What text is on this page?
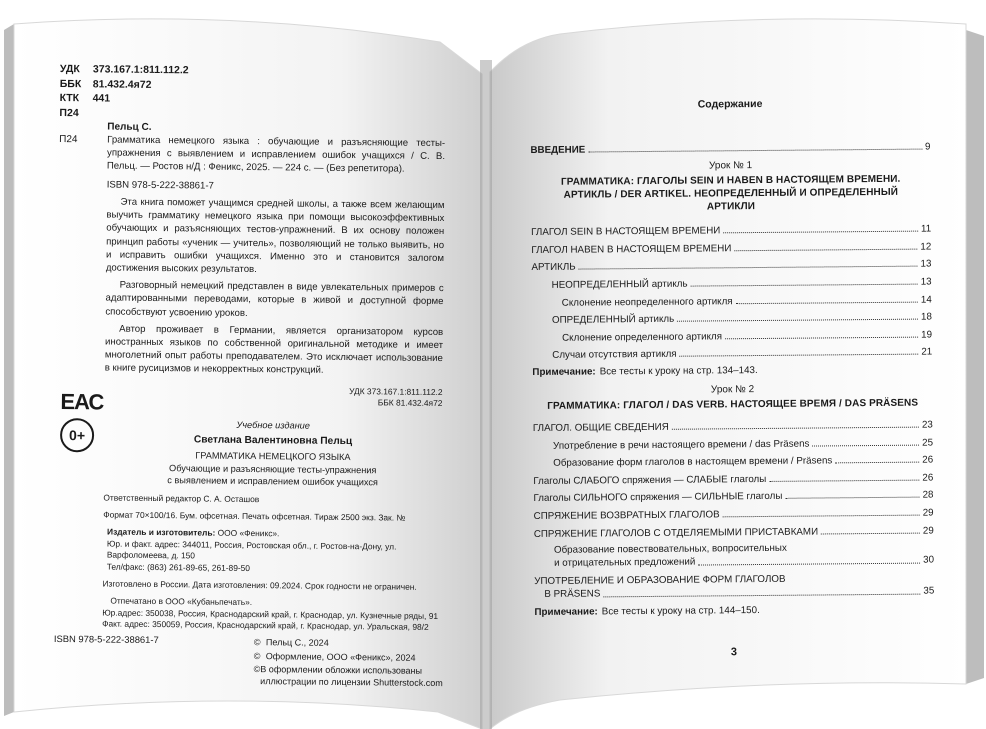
УДК	373.167.1:811.112.2
ББК	81.432.4я72
КТК	441
П24
Пельц С.
П24	Грамматика немецкого языка : обучающие и разъясняющие тесты-упражнения с выявлением и исправлением ошибок учащихся / С. В. Пельц. — Ростов н/Д : Феникс, 2025. — 224 с. — (Без репетитора).
ISBN 978-5-222-38861-7
Эта книга поможет учащимся средней школы, а также всем желающим выучить грамматику немецкого языка при помощи высокоэффективных обучающих и разъясняющих тестов-упражнений. В их основу положен принцип работы «ученик — учитель», позволяющий не только выявить, но и исправить ошибки учащихся. Именно это и становится залогом достижения высоких результатов.
Разговорный немецкий представлен в виде увлекательных примеров с адаптированными переводами, которые в живой и доступной форме способствуют усвоению уроков.
Автор проживает в Германии, является организатором курсов иностранных языков по собственной оригинальной методике и имеет многолетний опыт работы преподавателем. Это исключает использование в книге русицизмов и некорректных конструкций.
УДК 373.167.1:811.112.2
ББК 81.432.4я72
ЕАС
0+
Учебное издание
Светлана Валентиновна Пельц
ГРАММАТИКА НЕМЕЦКОГО ЯЗЫКА
Обучающие и разъясняющие тесты-упражнения
с выявлением и исправлением ошибок учащихся
Ответственный редактор С. А. Осташов
Формат 70×100/16. Бум. офсетная. Печать офсетная. Тираж 2500 экз. Зак. №
Издатель и изготовитель: ООО «Феникс».
Юр. и факт. адрес: 344011, Россия, Ростовская обл., г. Ростов-на-Дону, ул. Варфоломеева, д. 150
Тел/факс: (863) 261-89-65, 261-89-50
Изготовлено в России. Дата изготовления: 09.2024. Срок годности не ограничен.
Отпечатано в ООО «Кубаньпечать».
Юр.адрес: 350038, Россия, Краснодарский край, г. Краснодар, ул. Кузнечные ряды, 91
Факт. адрес: 350059, Россия, Краснодарский край, г. Краснодар, ул. Уральская, 98/2
ISBN 978-5-222-38861-7	© Пельц С., 2024
© Оформление, ООО «Феникс», 2024
© В оформлении обложки использованы иллюстрации по лицензии Shutterstock.com
Содержание
ВВЕДЕНИЕ	9
Урок № 1
ГРАММАТИКА: ГЛАГОЛЫ SEIN И HABEN В НАСТОЯЩЕМ ВРЕМЕНИ.
АРТИКЛЬ / DER ARTIKEL. НЕОПРЕДЕЛЕННЫЙ И ОПРЕДЕЛЕННЫЙ
АРТИКЛИ
ГЛАГОЛ SEIN В НАСТОЯЩЕМ ВРЕМЕНИ	11
ГЛАГОЛ HABEN В НАСТОЯЩЕМ ВРЕМЕНИ	12
АРТИКЛЬ	13
НЕОПРЕДЕЛЕННЫЙ артикль	13
Склонение неопределенного артикля	14
ОПРЕДЕЛЕННЫЙ артикль	18
Склонение определенного артикля	19
Случаи отсутствия артикля	21
Примечание: Все тесты к уроку на стр. 134–143.
Урок № 2
ГРАММАТИКА: ГЛАГОЛ / DAS VERB. НАСТОЯЩЕЕ ВРЕМЯ / DAS PRÄSENS
ГЛАГОЛ. ОБЩИЕ СВЕДЕНИЯ	23
Употребление в речи настоящего времени / das Präsens	25
Образование форм глаголов в настоящем времени / Präsens	26
Глаголы СЛАБОГО спряжения — СЛАБЫЕ глаголы	26
Глаголы СИЛЬНОГО спряжения — СИЛЬНЫЕ глаголы	28
СПРЯЖЕНИЕ ВОЗВРАТНЫХ ГЛАГОЛОВ	29
СПРЯЖЕНИЕ ГЛАГОЛОВ С ОТДЕЛЯЕМЫМИ ПРИСТАВКАМИ	29
Образование повествовательных, вопросительных
и отрицательных предложений	30
УПОТРЕБЛЕНИЕ И ОБРАЗОВАНИЕ ФОРМ ГЛАГОЛОВ
В PRÄSENS	35
Примечание: Все тесты к уроку на стр. 144–150.
3
